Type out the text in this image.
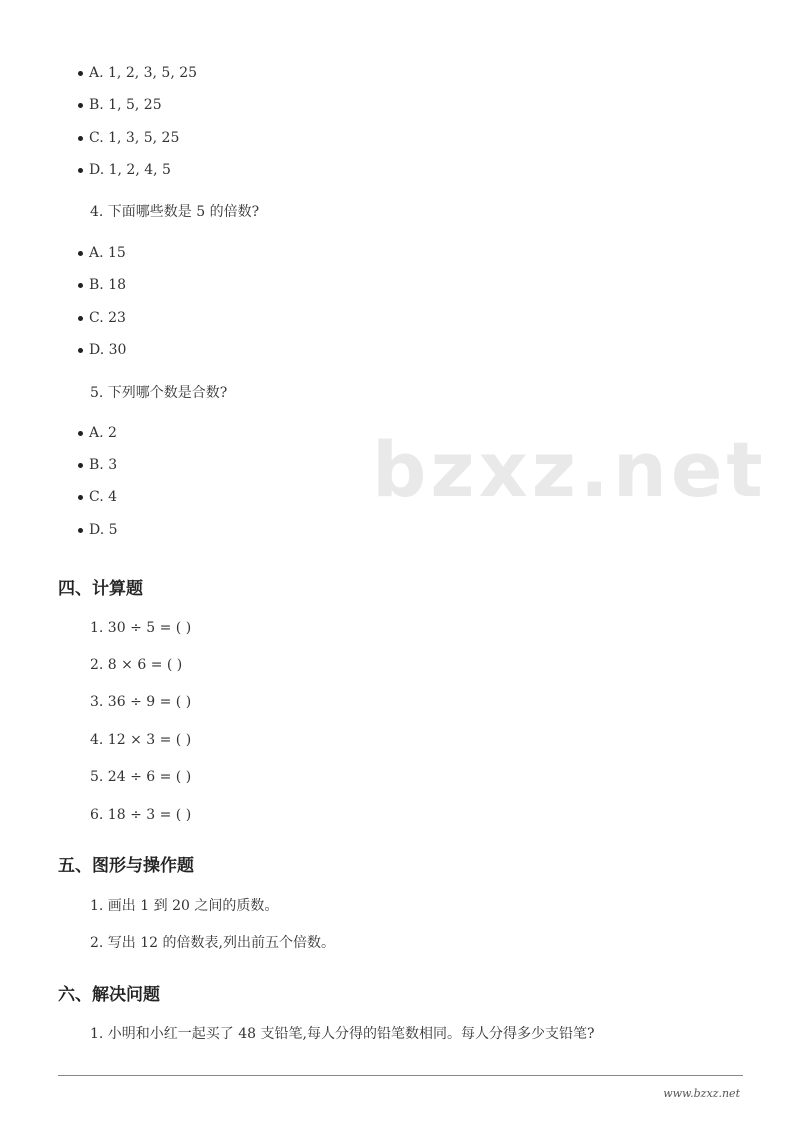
bzxz.net
A. 1, 2, 3, 5, 25
B. 1, 5, 25
C. 1, 3, 5, 25
D. 1, 2, 4, 5
4. 下面哪些数是 5 的倍数?
A. 15
B. 18
C. 23
D. 30
5. 下列哪个数是合数?
A. 2
B. 3
C. 4
D. 5
四、计算题
1. 30 ÷ 5 = ( )
2. 8 × 6 = ( )
3. 36 ÷ 9 = ( )
4. 12 × 3 = ( )
5. 24 ÷ 6 = ( )
6. 18 ÷ 3 = ( )
五、图形与操作题
1. 画出 1 到 20 之间的质数。
2. 写出 12 的倍数表,列出前五个倍数。
六、解决问题
1. 小明和小红一起买了 48 支铅笔,每人分得的铅笔数相同。每人分得多少支铅笔?
www.bzxz.net
